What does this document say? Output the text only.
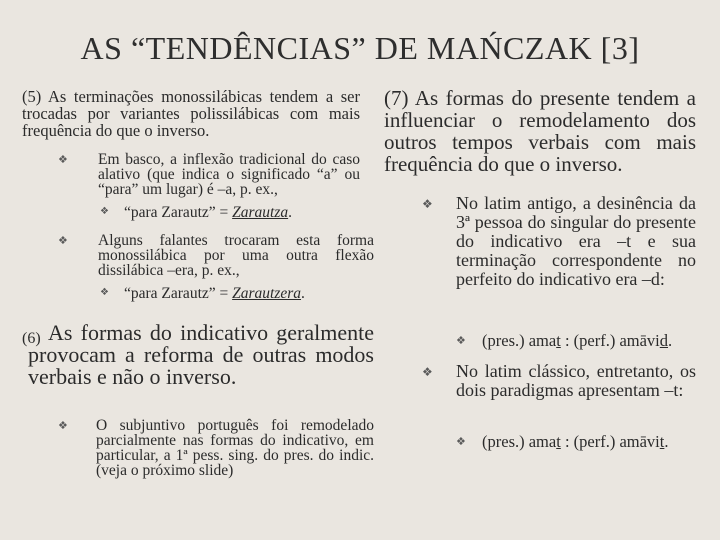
AS “TENDÊNCIAS” DE MAŃCZAK [3]
(5) As terminações monossilábicas tendem a ser trocadas por variantes polissilábicas com mais frequência do que o inverso.
❖ Em basco, a inflexão tradicional do caso alativo (que indica o significado “a” ou “para” um lugar) é –a, p. ex.,
❖ “para Zarautz” = Zarautza.
❖ Alguns falantes trocaram esta forma monossilábica por uma outra flexão dissilábica –era, p. ex.,
❖ “para Zarautz” = Zarautzera.
(6) As formas do indicativo geralmente provocam a reforma de outras modos verbais e não o inverso.
❖ O subjuntivo português foi remodelado parcialmente nas formas do indicativo, em particular, a 1ª pess. sing. do pres. do indic. (veja o próximo slide)
(7) As formas do presente tendem a influenciar o remodelamento dos outros tempos verbais com mais frequência do que o inverso.
❖ No latim antigo, a desinência da 3ª pessoa do singular do presente do indicativo era –t e sua terminação correspondente no perfeito do indicativo era –d:
❖ (pres.) amat : (perf.) amāvid.
❖ No latim clássico, entretanto, os dois paradigmas apresentam –t:
❖ (pres.) amat : (perf.) amāvit.
